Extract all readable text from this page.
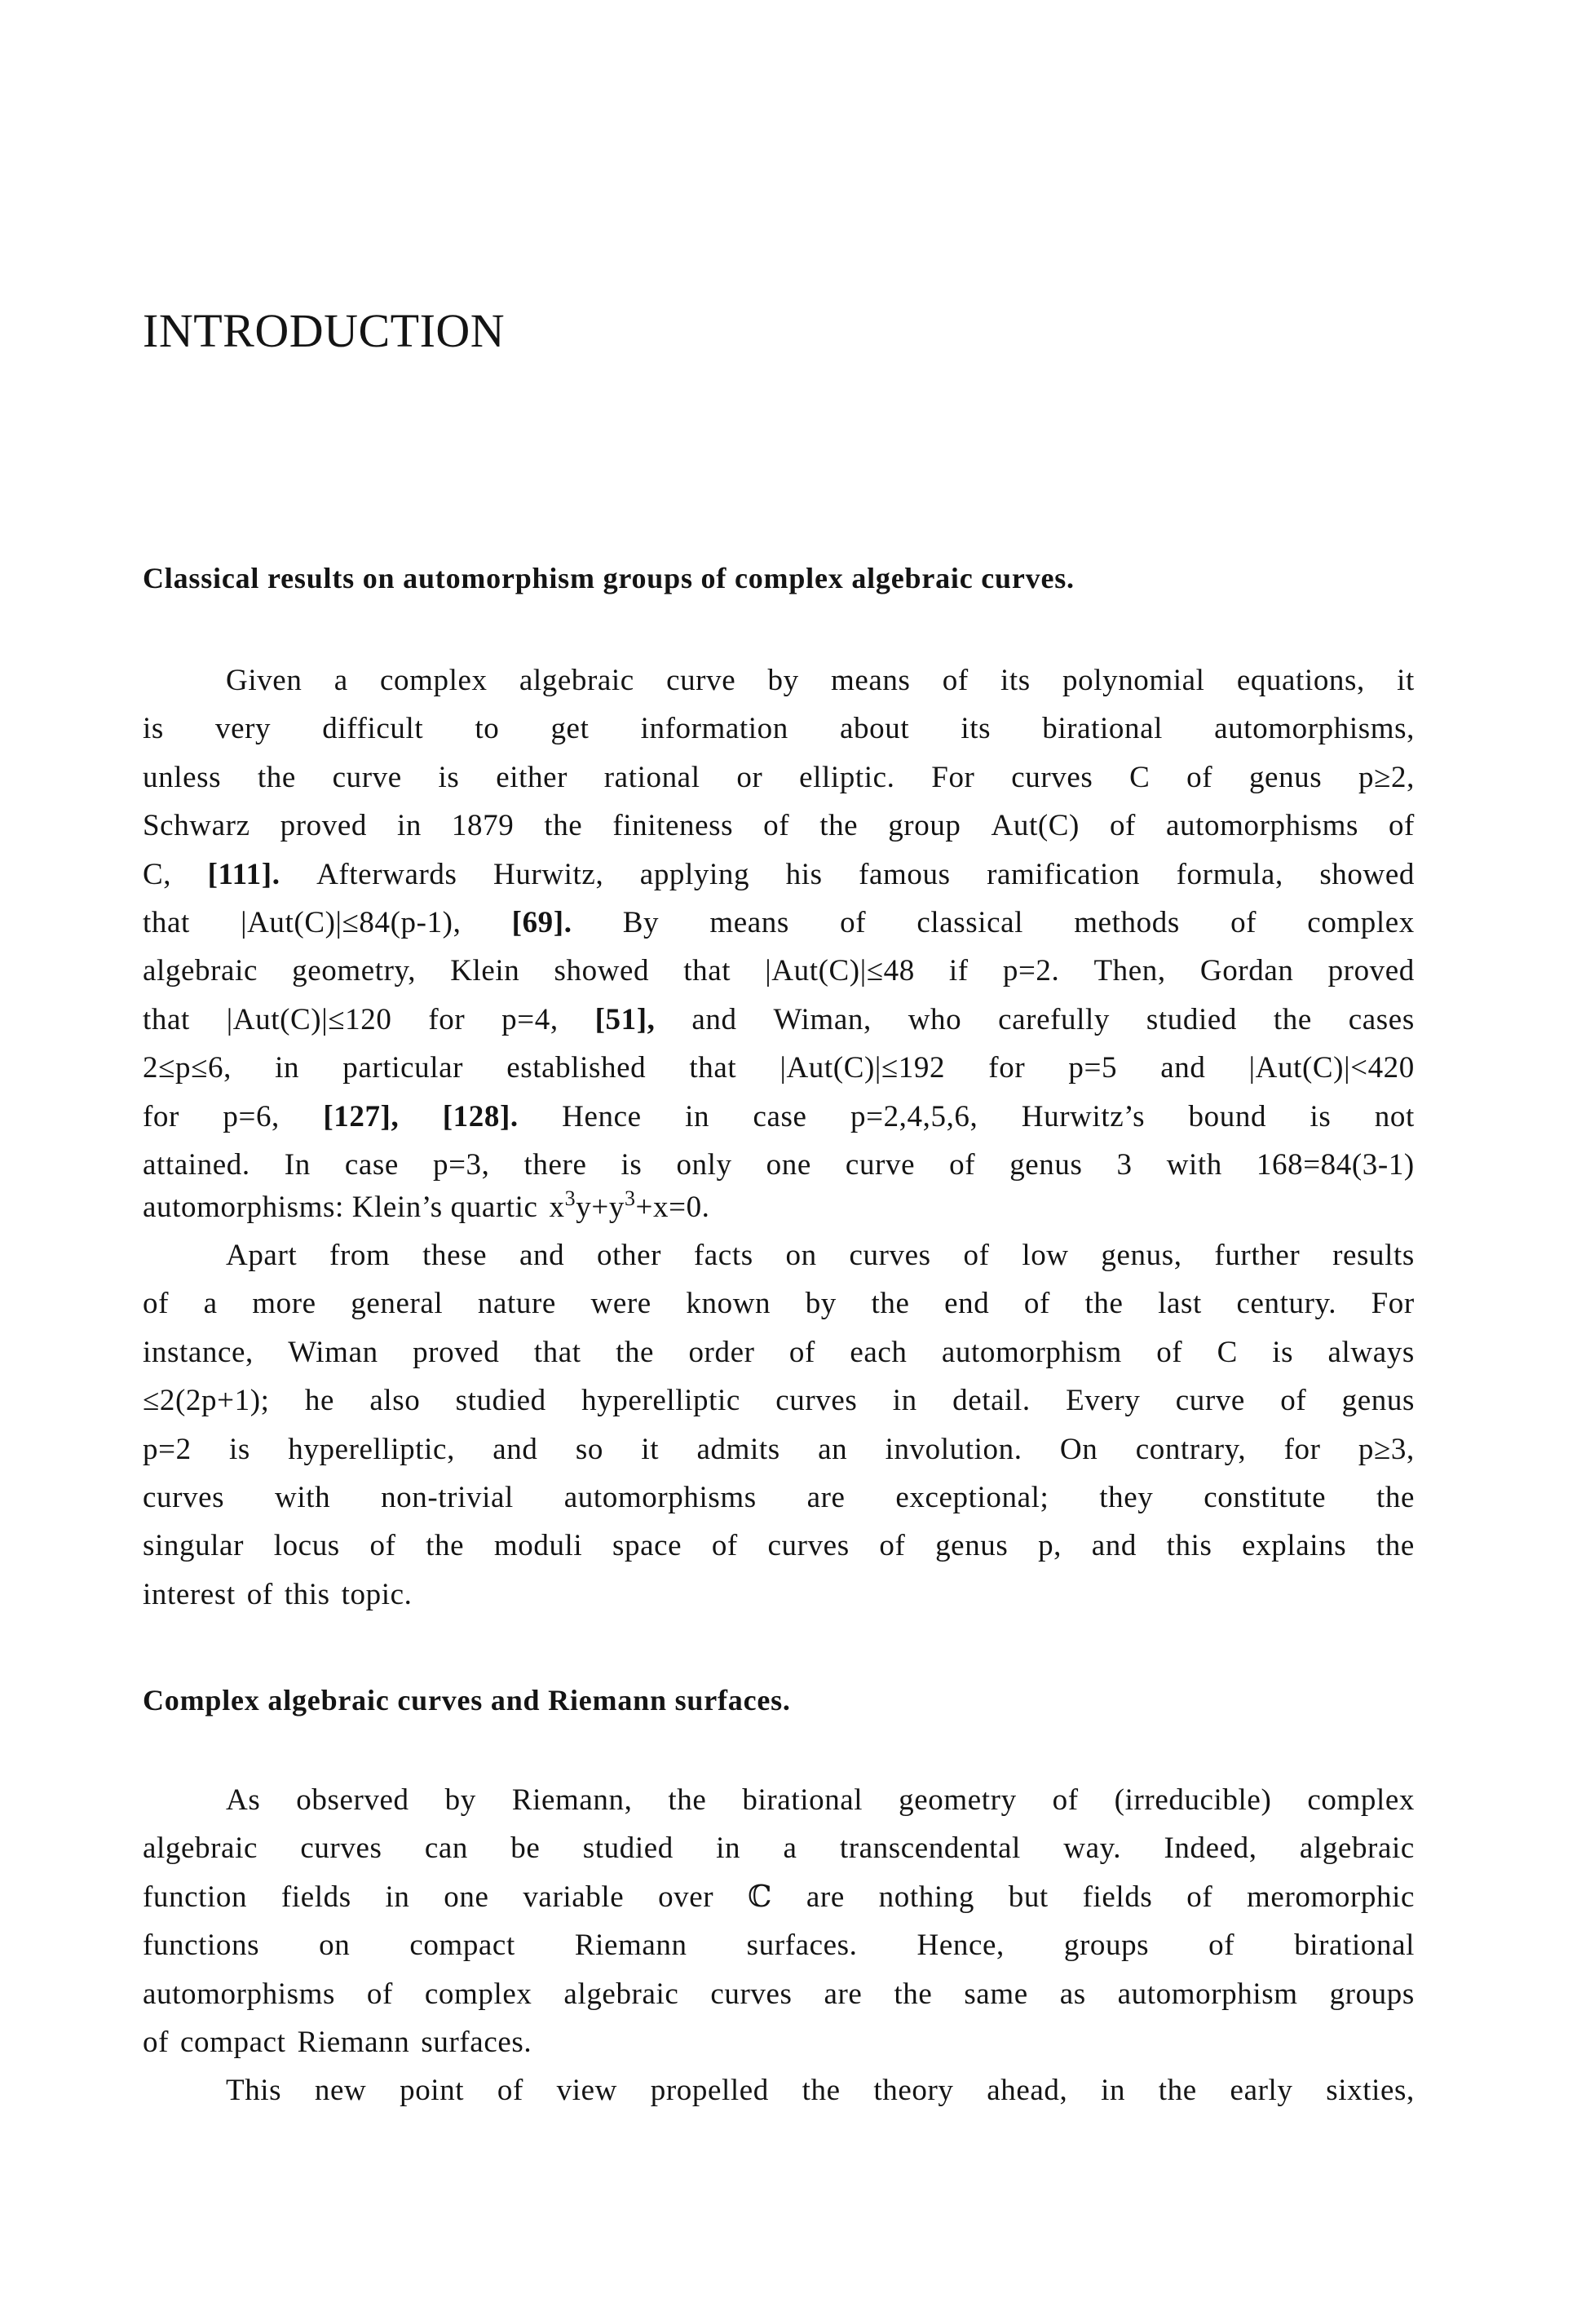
INTRODUCTION
Classical results on automorphism groups of complex algebraic curves.
Given a complex algebraic curve by means of its polynomial equations, it
is very difficult to get information about its birational automorphisms,
unless the curve is either rational or elliptic. For curves C of genus p≥2,
Schwarz proved in 1879 the finiteness of the group Aut(C) of automorphisms of
C, [111]. Afterwards Hurwitz, applying his famous ramification formula, showed
that |Aut(C)|≤84(p-1), [69]. By means of classical methods of complex
algebraic geometry, Klein showed that |Aut(C)|≤48 if p=2. Then, Gordan proved
that |Aut(C)|≤120 for p=4, [51], and Wiman, who carefully studied the cases
2≤p≤6, in particular established that |Aut(C)|≤192 for p=5 and |Aut(C)|<420
for p=6, [127], [128]. Hence in case p=2,4,5,6, Hurwitz’s bound is not
attained. In case p=3, there is only one curve of genus 3 with 168=84(3-1)
automorphisms: Klein’s quartic $x^3y+y^3+x=0$.
Apart from these and other facts on curves of low genus, further results
of a more general nature were known by the end of the last century. For
instance, Wiman proved that the order of each automorphism of C is always
≤2(2p+1); he also studied hyperelliptic curves in detail. Every curve of genus
p=2 is hyperelliptic, and so it admits an involution. On contrary, for p≥3,
curves with non-trivial automorphisms are exceptional; they constitute the
singular locus of the moduli space of curves of genus p, and this explains the
interest of this topic.
Complex algebraic curves and Riemann surfaces.
As observed by Riemann, the birational geometry of (irreducible) complex
algebraic curves can be studied in a transcendental way. Indeed, algebraic
function fields in one variable over ℂ are nothing but fields of meromorphic
functions on compact Riemann surfaces. Hence, groups of birational
automorphisms of complex algebraic curves are the same as automorphism groups
of compact Riemann surfaces.
This new point of view propelled the theory ahead, in the early sixties,
